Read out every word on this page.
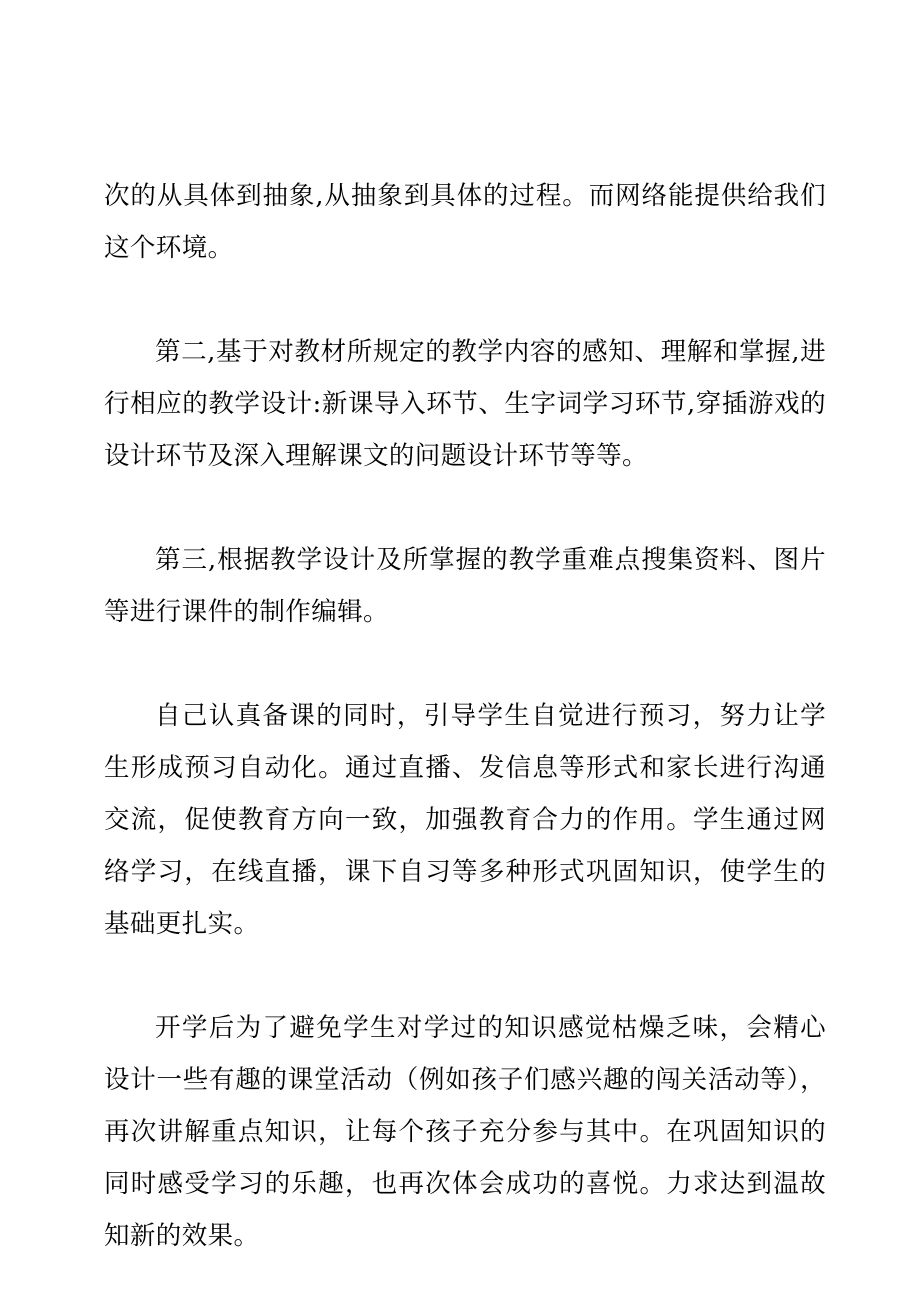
次的从具体到抽象,从抽象到具体的过程。而网络能提供给我们这个环境。

第二,基于对教材所规定的教学内容的感知、理解和掌握,进行相应的教学设计:新课导入环节、生字词学习环节,穿插游戏的设计环节及深入理解课文的问题设计环节等等。

第三,根据教学设计及所掌握的教学重难点搜集资料、图片等进行课件的制作编辑。

自己认真备课的同时，引导学生自觉进行预习，努力让学生形成预习自动化。通过直播、发信息等形式和家长进行沟通交流，促使教育方向一致，加强教育合力的作用。学生通过网络学习，在线直播，课下自习等多种形式巩固知识，使学生的基础更扎实。

开学后为了避免学生对学过的知识感觉枯燥乏味，会精心设计一些有趣的课堂活动（例如孩子们感兴趣的闯关活动等），再次讲解重点知识，让每个孩子充分参与其中。在巩固知识的同时感受学习的乐趣，也再次体会成功的喜悦。力求达到温故知新的效果。
